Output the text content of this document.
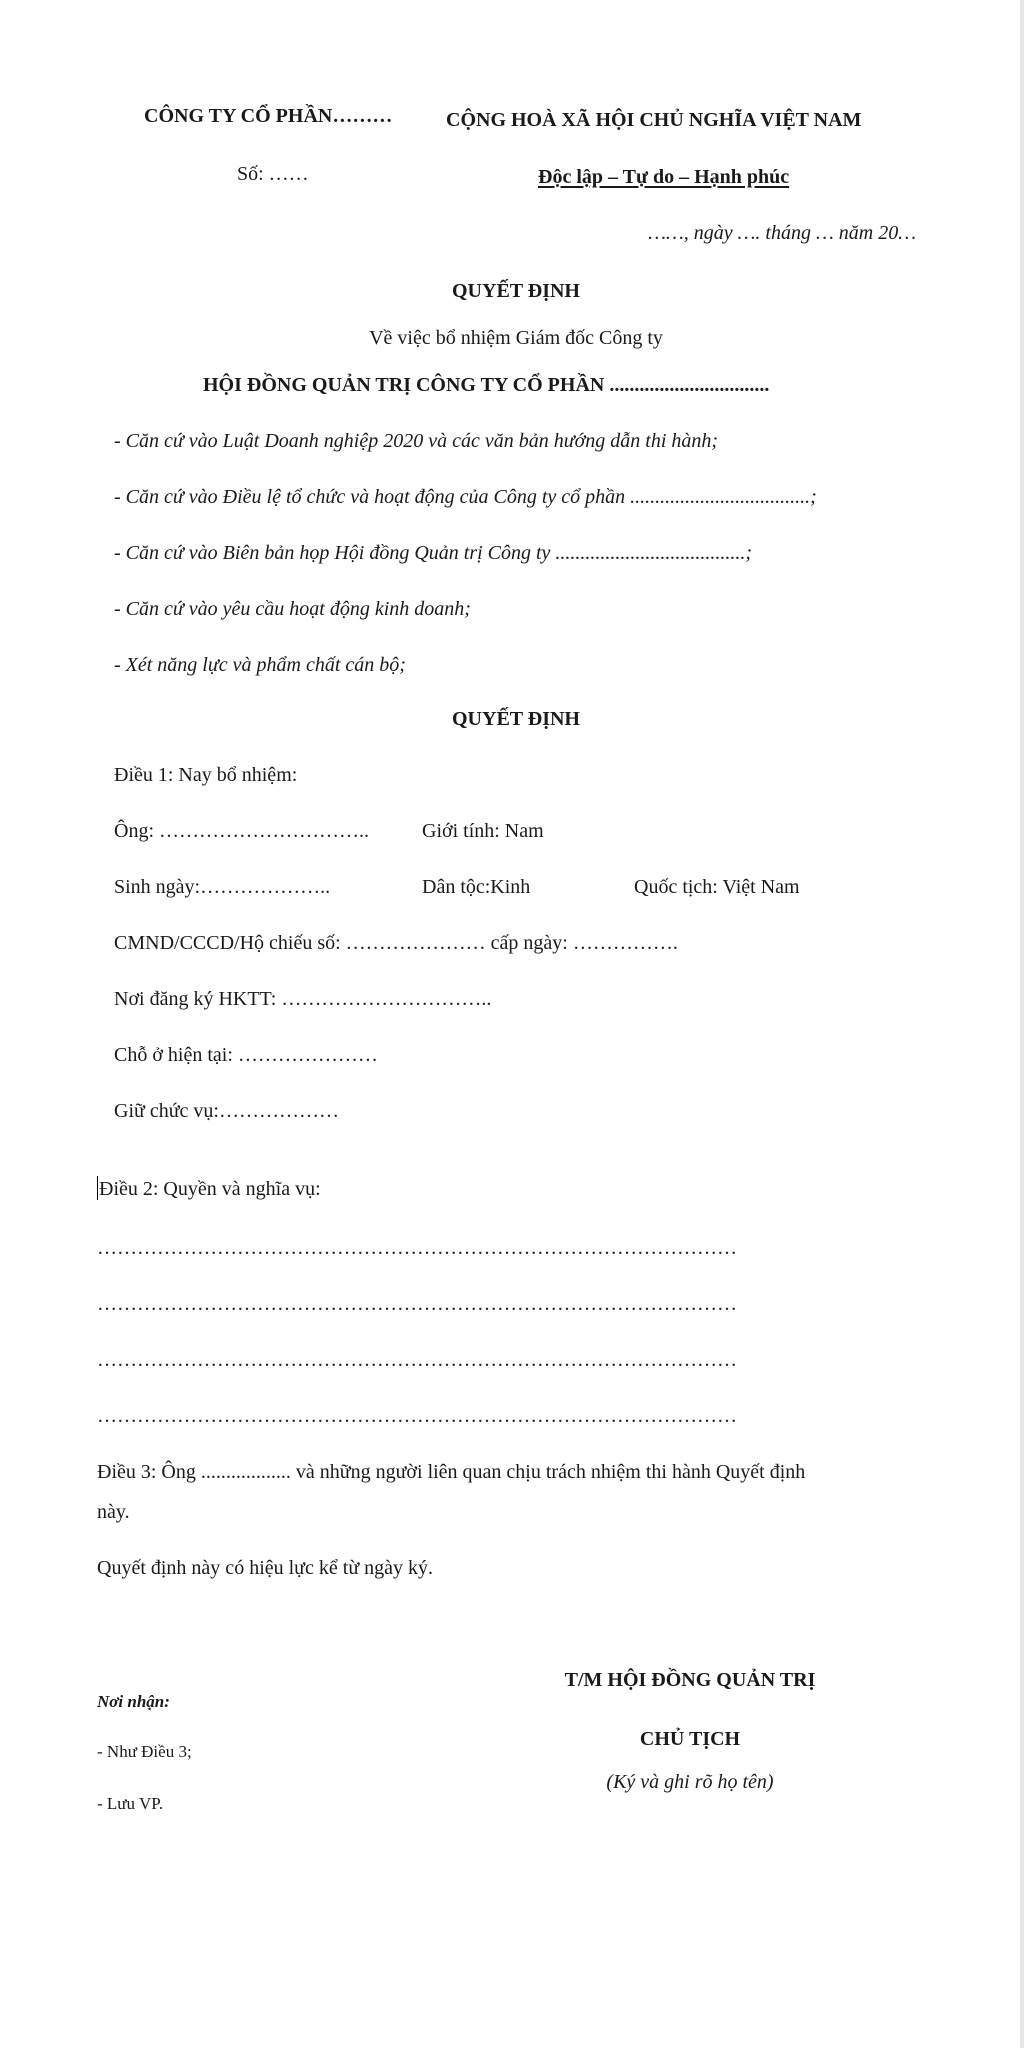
CÔNG TY CỔ PHẦN………	CỘNG HOÀ XÃ HỘI CHỦ NGHĨA VIỆT NAM
Số: ……	Độc lập – Tự do – Hạnh phúc
……, ngày …. tháng … năm 20…
QUYẾT ĐỊNH
Về việc bổ nhiệm Giám đốc Công ty
HỘI ĐỒNG QUẢN TRỊ CÔNG TY CỔ PHẦN ................................
- Căn cứ vào Luật Doanh nghiệp 2020 và các văn bản hướng dẫn thi hành;
- Căn cứ vào Điều lệ tổ chức và hoạt động của Công ty cổ phần ....................................;
- Căn cứ vào Biên bản họp Hội đồng Quản trị Công ty ......................................;
- Căn cứ vào yêu cầu hoạt động kinh doanh;
- Xét năng lực và phẩm chất cán bộ;
QUYẾT ĐỊNH
Điều 1: Nay bổ nhiệm:
Ông: …………………………..	Giới tính: Nam
Sinh ngày:………………..	Dân tộc:Kinh	Quốc tịch: Việt Nam
CMND/CCCD/Hộ chiếu số: ………………… cấp ngày: …………….
Nơi đăng ký HKTT: …………………………..
Chỗ ở hiện tại: …………………
Giữ chức vụ:………………
Điều 2: Quyền và nghĩa vụ:
……………………………………………………………………………………
……………………………………………………………………………………
……………………………………………………………………………………
……………………………………………………………………………………
Điều 3: Ông .................. và những người liên quan chịu trách nhiệm thi hành Quyết định
này.
Quyết định này có hiệu lực kể từ ngày ký.
Nơi nhận:
- Như Điều 3;
- Lưu VP.
T/M HỘI ĐỒNG QUẢN TRỊ
CHỦ TỊCH
(Ký và ghi rõ họ tên)
